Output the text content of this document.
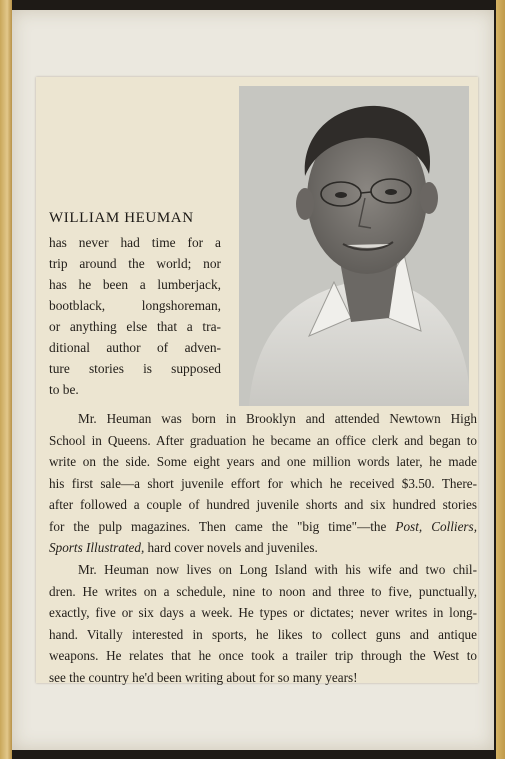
WILLIAM HEUMAN

has never had time for a
trip around the world; nor
has he been a lumberjack,
bootblack, longshoreman,
or anything else that a tra-
ditional author of adven-
ture stories is supposed
to be.

Mr. Heuman was born in Brooklyn and attended Newtown High
School in Queens. After graduation he became an office clerk and began to
write on the side. Some eight years and one million words later, he made
his first sale—a short juvenile effort for which he received $3.50. There-
after followed a couple of hundred juvenile shorts and six hundred stories
for the pulp magazines. Then came the "big time"—the Post, Colliers,
Sports Illustrated, hard cover novels and juveniles.

Mr. Heuman now lives on Long Island with his wife and two chil-
dren. He writes on a schedule, nine to noon and three to five, punctually,
exactly, five or six days a week. He types or dictates; never writes in long-
hand. Vitally interested in sports, he likes to collect guns and antique
weapons. He relates that he once took a trailer trip through the West to
see the country he'd been writing about for so many years!
